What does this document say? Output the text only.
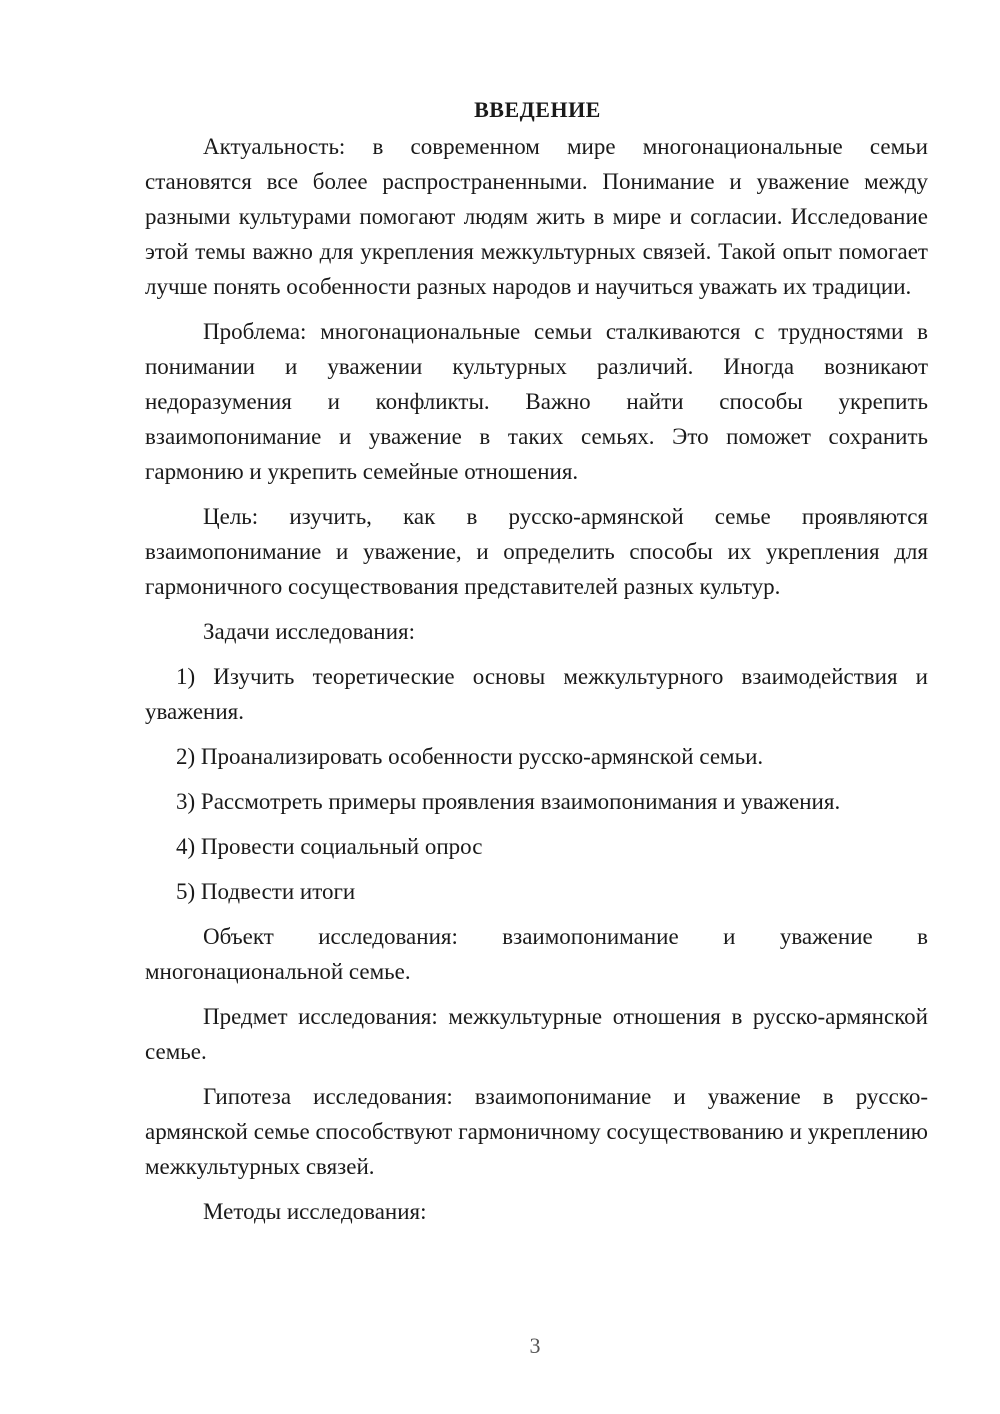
ВВЕДЕНИЕ

Актуальность: в современном мире многонациональные семьи становятся все более распространенными. Понимание и уважение между разными культурами помогают людям жить в мире и согласии. Исследование этой темы важно для укрепления межкультурных связей. Такой опыт помогает лучше понять особенности разных народов и научиться уважать их традиции.

Проблема: многонациональные семьи сталкиваются с трудностями в понимании и уважении культурных различий. Иногда возникают недоразумения и конфликты. Важно найти способы укрепить взаимопонимание и уважение в таких семьях. Это поможет сохранить гармонию и укрепить семейные отношения.

Цель: изучить, как в русско-армянской семье проявляются взаимопонимание и уважение, и определить способы их укрепления для гармоничного сосуществования представителей разных культур.

Задачи исследования:

1) Изучить теоретические основы межкультурного взаимодействия и уважения.

2) Проанализировать особенности русско-армянской семьи.

3) Рассмотреть примеры проявления взаимопонимания и уважения.

4) Провести социальный опрос

5) Подвести итоги

Объект исследования: взаимопонимание и уважение в многонациональной семье.

Предмет исследования: межкультурные отношения в русско-армянской семье.

Гипотеза исследования: взаимопонимание и уважение в русско-армянской семье способствуют гармоничному сосуществованию и укреплению межкультурных связей.

Методы исследования:

3
